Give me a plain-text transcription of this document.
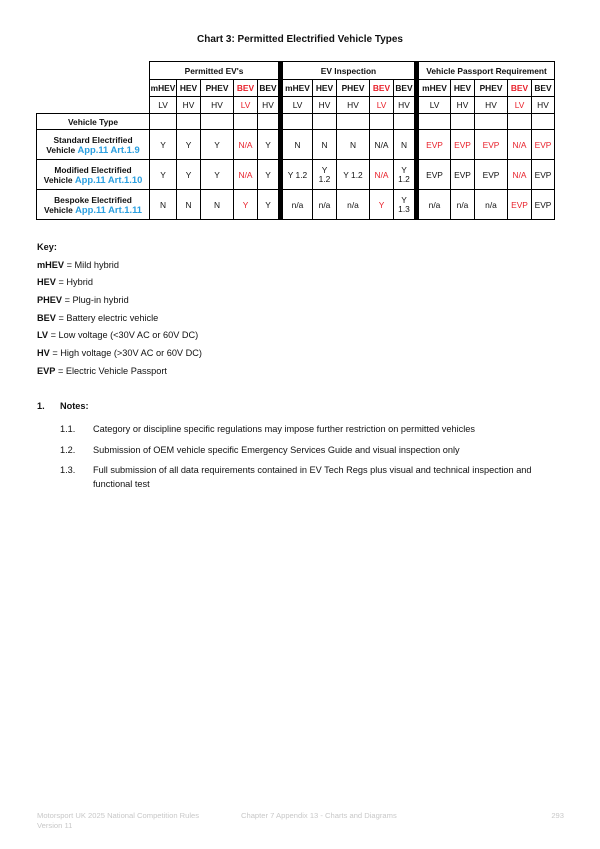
Chart 3: Permitted Electrified Vehicle Types
	Permitted EV's					EV Inspection					Vehicle Passport Requirement				
	mHEV	HEV	PHEV	BEV	BEV	mHEV	HEV	PHEV	BEV	BEV	mHEV	HEV	PHEV	BEV	BEV
	LV	HV	HV	LV	HV	LV	HV	HV	LV	HV	LV	HV	HV	LV	HV
Vehicle Type															
Standard Electrified
Vehicle App.11 Art.1.9	Y	Y	Y	N/A	Y	N	N	N	N/A	N	EVP	EVP	EVP	N/A	EVP
Modified Electrified
Vehicle App.11 Art.1.10	Y	Y	Y	N/A	Y	Y 1.2	Y 1.2	Y 1.2	N/A	Y 1.2	EVP	EVP	EVP	N/A	EVP
Bespoke Electrified
Vehicle App.11 Art.1.11	N	N	N	Y	Y	n/a	n/a	n/a	Y	Y 1.3	n/a	n/a	n/a	EVP	EVP
Key:
mHEV = Mild hybrid
HEV = Hybrid
PHEV = Plug-in hybrid
BEV = Battery electric vehicle
LV = Low voltage (<30V AC or 60V DC)
HV = High voltage (>30V AC or 60V DC)
EVP = Electric Vehicle Passport
1. Notes:
1.1. Category or discipline specific regulations may impose further restriction on permitted vehicles
1.2. Submission of OEM vehicle specific Emergency Services Guide and visual inspection only
1.3. Full submission of all data requirements contained in EV Tech Regs plus visual and technical inspection and functional test
Motorsport UK 2025 National Competition Rules
Version 11
Chapter 7 Appendix 13 - Charts and Diagrams	293
